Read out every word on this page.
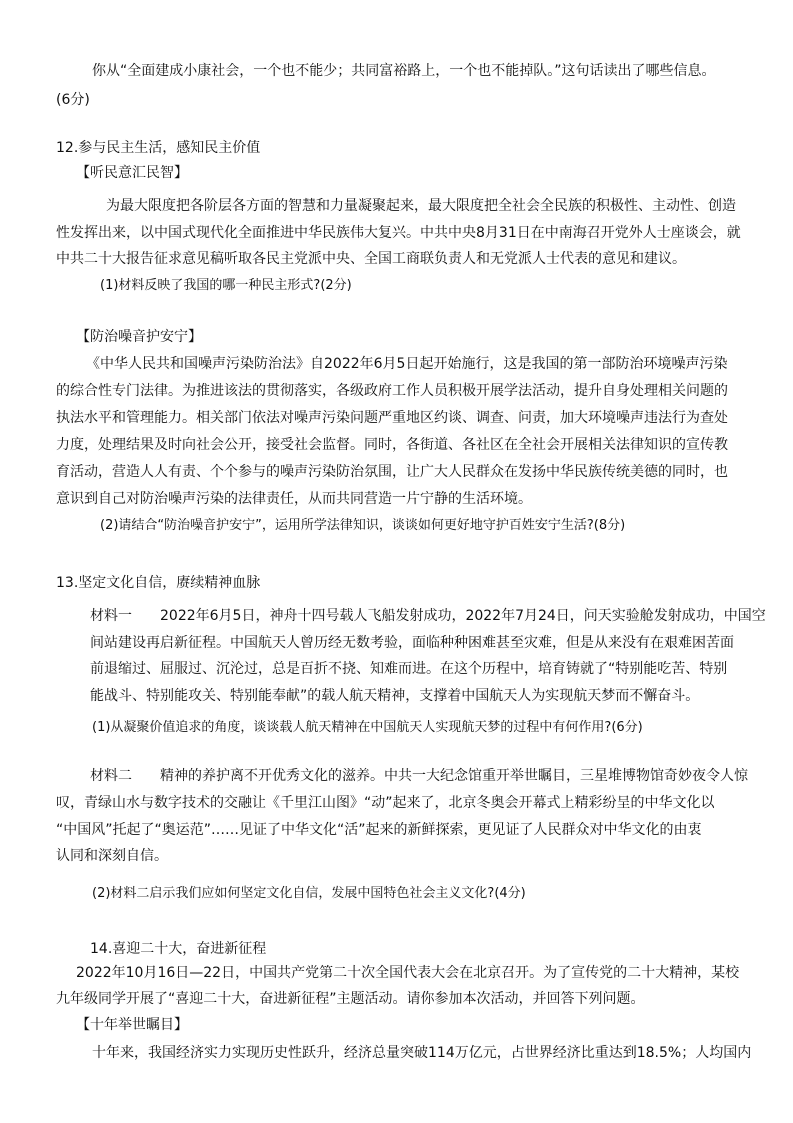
你从“全面建成小康社会，一个也不能少；共同富裕路上，一个也不能掉队。”这句话读出了哪些信息。
(6分)
12.参与民主生活，感知民主价值
【听民意汇民智】
为最大限度把各阶层各方面的智慧和力量凝聚起来，最大限度把全社会全民族的积极性、主动性、创造
性发挥出来，以中国式现代化全面推进中华民族伟大复兴。中共中央8月31日在中南海召开党外人士座谈会，就
中共二十大报告征求意见稿听取各民主党派中央、全国工商联负责人和无党派人士代表的意见和建议。
(1)材料反映了我国的哪一种民主形式?(2分)
【防治噪音护安宁】
《中华人民共和国噪声污染防治法》自2022年6月5日起开始施行，这是我国的第一部防治环境噪声污染
的综合性专门法律。为推进该法的贯彻落实，各级政府工作人员积极开展学法活动，提升自身处理相关问题的
执法水平和管理能力。相关部门依法对噪声污染问题严重地区约谈、调查、问责，加大环境噪声违法行为查处
力度，处理结果及时向社会公开，接受社会监督。同时，各街道、各社区在全社会开展相关法律知识的宣传教
育活动，营造人人有责、个个参与的噪声污染防治氛围，让广大人民群众在发扬中华民族传统美德的同时，也
意识到自己对防治噪声污染的法律责任，从而共同营造一片宁静的生活环境。
(2)请结合“防治噪音护安宁”，运用所学法律知识，谈谈如何更好地守护百姓安宁生活?(8分)
13.坚定文化自信，赓续精神血脉
材料一　　2022年6月5日，神舟十四号载人飞船发射成功，2022年7月24日，问天实验舱发射成功，中国空
间站建设再启新征程。中国航天人曾历经无数考验，面临种种困难甚至灾难，但是从来没有在艰难困苦面
前退缩过、屈服过、沉沦过，总是百折不挠、知难而进。在这个历程中，培育铸就了“特别能吃苦、特别
能战斗、特别能攻关、特别能奉献”的载人航天精神，支撑着中国航天人为实现航天梦而不懈奋斗。
(1)从凝聚价值追求的角度，谈谈载人航天精神在中国航天人实现航天梦的过程中有何作用?(6分)
材料二　　精神的养护离不开优秀文化的滋养。中共一大纪念馆重开举世瞩目，三星堆博物馆奇妙夜令人惊
叹，青绿山水与数字技术的交融让《千里江山图》“动”起来了，北京冬奥会开幕式上精彩纷呈的中华文化以
“中国风”托起了“奥运范”……见证了中华文化“活”起来的新鲜探索，更见证了人民群众对中华文化的由衷
认同和深刻自信。
(2)材料二启示我们应如何坚定文化自信，发展中国特色社会主义文化?(4分)
14.喜迎二十大，奋进新征程
2022年10月16日—22日，中国共产党第二十次全国代表大会在北京召开。为了宣传党的二十大精神，某校
九年级同学开展了“喜迎二十大，奋进新征程”主题活动。请你参加本次活动，并回答下列问题。
【十年举世瞩目】
十年来，我国经济实力实现历史性跃升，经济总量突破114万亿元，占世界经济比重达到18.5%；人均国内
